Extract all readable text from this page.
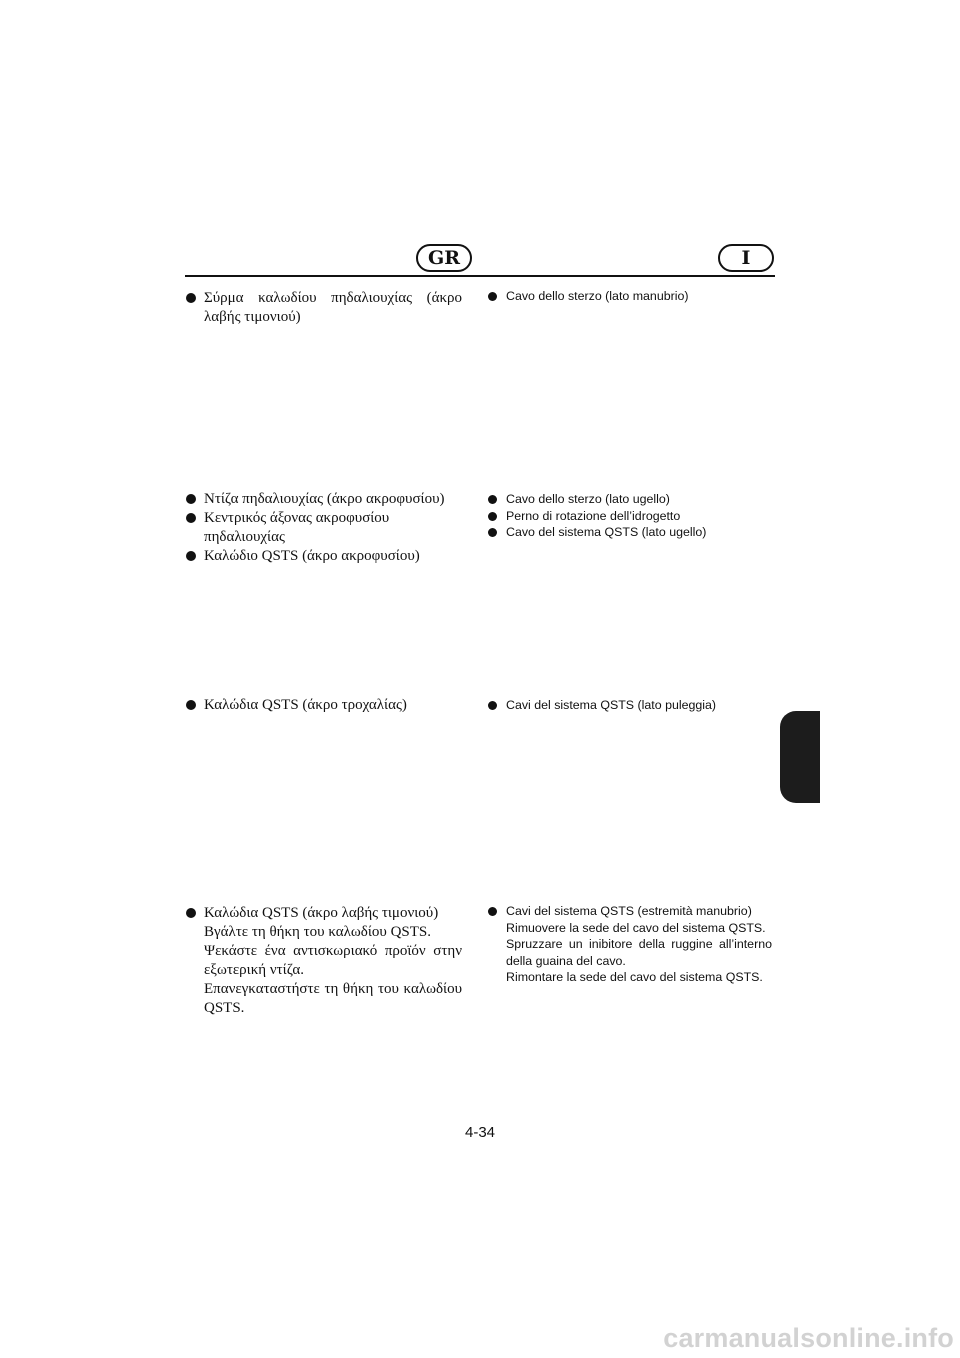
GR	I
Σύρμα καλωδίου πηδαλιουχίας (άκρο λαβής τιμονιού)
Ντίζα πηδαλιουχίας (άκρο ακροφυσίου)
Κεντρικός άξονας ακροφυσίου πηδαλιουχίας
Καλώδιο QSTS (άκρο ακροφυσίου)
Καλώδια QSTS (άκρο τροχαλίας)
Καλώδια QSTS (άκρο λαβής τιμονιού)
Βγάλτε τη θήκη του καλωδίου QSTS.
Ψεκάστε ένα αντισκωριακό προϊόν στην εξωτερική ντίζα.
Επανεγκαταστήστε τη θήκη του καλωδίου QSTS.
Cavo dello sterzo (lato manubrio)
Cavo dello sterzo (lato ugello)
Perno di rotazione dell’idrogetto
Cavo del sistema QSTS (lato ugello)
Cavi del sistema QSTS (lato puleggia)
Cavi del sistema QSTS (estremità manubrio)
Rimuovere la sede del cavo del sistema QSTS.
Spruzzare un inibitore della ruggine all’interno della guaina del cavo.
Rimontare la sede del cavo del sistema QSTS.
4-34
carmanualsonline.info
